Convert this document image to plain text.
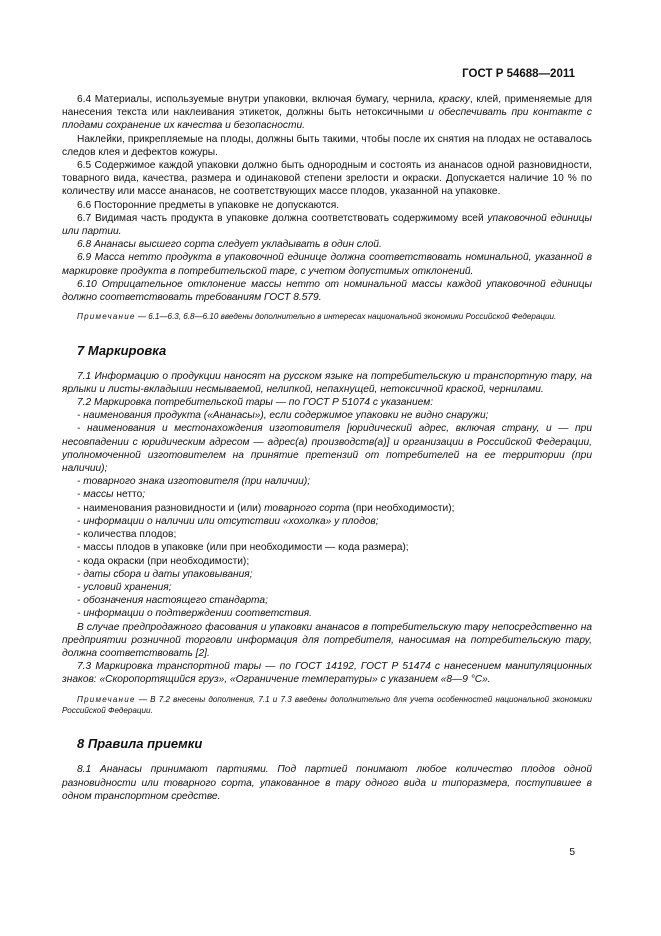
ГОСТ Р 54688—2011

6.4 Материалы, используемые внутри упаковки, включая бумагу, чернила, краску, клей, применяемые для нанесения текста или наклеивания этикеток, должны быть нетоксичными и обеспечивать при контакте с плодами сохранение их качества и безопасности.

Наклейки, прикрепляемые на плоды, должны быть такими, чтобы после их снятия на плодах не оставалось следов клея и дефектов кожуры.

6.5 Содержимое каждой упаковки должно быть однородным и состоять из ананасов одной разновидности, товарного вида, качества, размера и одинаковой степени зрелости и окраски. Допускается наличие 10 % по количеству или массе ананасов, не соответствующих массе плодов, указанной на упаковке.

6.6 Посторонние предметы в упаковке не допускаются.

6.7 Видимая часть продукта в упаковке должна соответствовать содержимому всей упаковочной единицы или партии.

6.8 Ананасы высшего сорта следует укладывать в один слой.

6.9 Масса нетто продукта в упаковочной единице должна соответствовать номинальной, указанной в маркировке продукта в потребительской таре, с учетом допустимых отклонений.

6.10 Отрицательное отклонение массы нетто от номинальной массы каждой упаковочной единицы должно соответствовать требованиям ГОСТ 8.579.

Примечание — 6.1—6.3, 6.8—6.10 введены дополнительно в интересах национальной экономики Российской Федерации.

7 Маркировка

7.1 Информацию о продукции наносят на русском языке на потребительскую и транспортную тару, на ярлыки и листы-вкладыши несмываемой, нелипкой, непахнущей, нетоксичной краской, чернилами.

7.2 Маркировка потребительской тары — по ГОСТ Р 51074 с указанием:

- наименования продукта («Ананасы»), если содержимое упаковки не видно снаружи;

- наименования и местонахождения изготовителя [юридический адрес, включая страну, и — при несовпадении с юридическим адресом — адрес(а) производств(а)] и организации в Российской Федерации, уполномоченной изготовителем на принятие претензий от потребителей на ее территории (при наличии);

- товарного знака изготовителя (при наличии);

- массы нетто;

- наименования разновидности и (или) товарного сорта (при необходимости);

- информации о наличии или отсутствии «хохолка» у плодов;

- количества плодов;

- массы плодов в упаковке (или при необходимости — кода размера);

- кода окраски (при необходимости);

- даты сбора и даты упаковывания;

- условий хранения;

- обозначения настоящего стандарта;

- информации о подтверждении соответствия.

В случае предпродажного фасования и упаковки ананасов в потребительскую тару непосредственно на предприятии розничной торговли информация для потребителя, наносимая на потребительскую тару, должна соответствовать [2].

7.3 Маркировка транспортной тары — по ГОСТ 14192, ГОСТ Р 51474 с нанесением манипуляционных знаков: «Скоропортящийся груз», «Ограничение температуры» с указанием «8—9 °С».

Примечание — В 7.2 внесены дополнения, 7.1 и 7.3 введены дополнительно для учета особенностей национальной экономики Российской Федерации.

8 Правила приемки

8.1 Ананасы принимают партиями. Под партией понимают любое количество плодов одной разновидности или товарного сорта, упакованное в тару одного вида и типоразмера, поступившее в одном транспортном средстве.

5
